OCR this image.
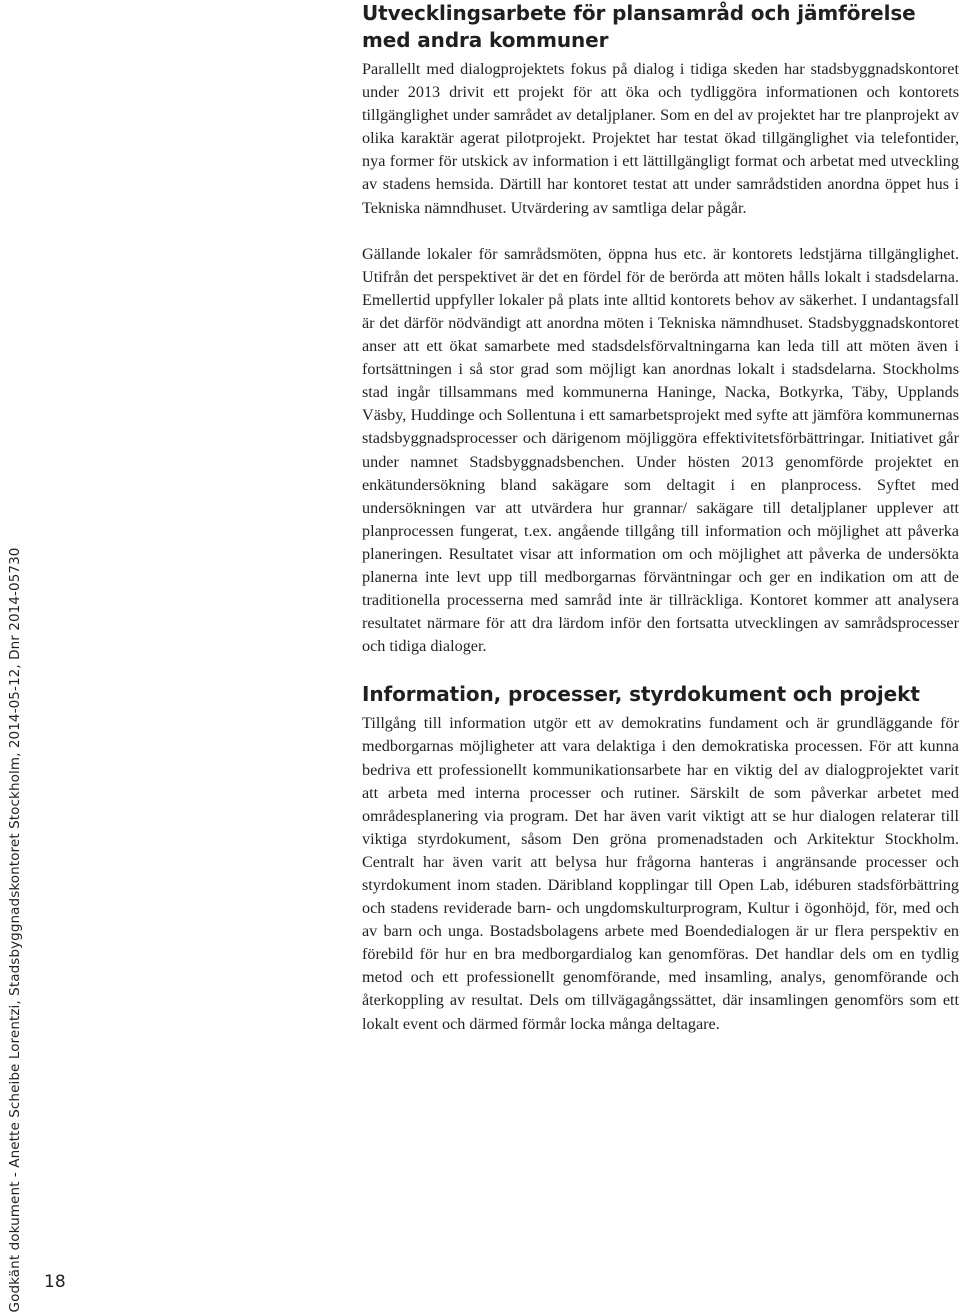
Godkänt dokument - Anette Scheibe Lorentzi, Stadsbyggnadskontoret Stockholm, 2014-05-12, Dnr 2014-05730 18
Utvecklingsarbete för plansamråd och jämförelse med andra kommuner

Parallellt med dialogprojektets fokus på dialog i tidiga skeden har stadsbyggnadskontoret under 2013 drivit ett projekt för att öka och tydliggöra informationen och kontorets tillgänglighet under samrådet av detaljplaner. Som en del av projektet har tre planprojekt av olika karaktär agerat pilotprojekt. Projektet har testat ökad tillgänglighet via telefontider, nya former för utskick av information i ett lättillgängligt format och arbetat med utveckling av stadens hemsida. Därtill har kontoret testat att under samrådstiden anordna öppet hus i Tekniska nämndhuset. Utvärdering av samtliga delar pågår.

Gällande lokaler för samrådsmöten, öppna hus etc. är kontorets ledstjärna tillgänglighet. Utifrån det perspektivet är det en fördel för de berörda att möten hålls lokalt i stadsdelarna. Emellertid uppfyller lokaler på plats inte alltid kontorets behov av säkerhet. I undantagsfall är det därför nödvändigt att anordna möten i Tekniska nämndhuset. Stadsbyggnadskontoret anser att ett ökat samarbete med stadsdelsförvaltningarna kan leda till att möten även i fortsättningen i så stor grad som möjligt kan anordnas lokalt i stadsdelarna. Stockholms stad ingår tillsammans med kommunerna Haninge, Nacka, Botkyrka, Täby, Upplands Väsby, Huddinge och Sollentuna i ett samarbetsprojekt med syfte att jämföra kommunernas stadsbyggnadsprocesser och därigenom möjliggöra effektivitetsförbättringar. Initiativet går under namnet Stadsbyggnadsbenchen. Under hösten 2013 genomförde projektet en enkätundersökning bland sakägare som deltagit i en planprocess. Syftet med undersökningen var att utvärdera hur grannar/ sakägare till detaljplaner upplever att planprocessen fungerat, t.ex. angående tillgång till information och möjlighet att påverka planeringen. Resultatet visar att information om och möjlighet att påverka de undersökta planerna inte levt upp till medborgarnas förväntningar och ger en indikation om att de traditionella processerna med samråd inte är tillräckliga. Kontoret kommer att analysera resultatet närmare för att dra lärdom inför den fortsatta utvecklingen av samrådsprocesser och tidiga dialoger.

Information, processer, styrdokument och projekt

Tillgång till information utgör ett av demokratins fundament och är grundläggande för medborgarnas möjligheter att vara delaktiga i den demokratiska processen. För att kunna bedriva ett professionellt kommunikationsarbete har en viktig del av dialogprojektet varit att arbeta med interna processer och rutiner. Särskilt de som påverkar arbetet med områdesplanering via program. Det har även varit viktigt att se hur dialogen relaterar till viktiga styrdokument, såsom Den gröna promenadstaden och Arkitektur Stockholm. Centralt har även varit att belysa hur frågorna hanteras i angränsande processer och styrdokument inom staden. Däribland kopplingar till Open Lab, idéburen stadsförbättring och stadens reviderade barn- och ungdomskulturprogram, Kultur i ögonhöjd, för, med och av barn och unga. Bostadsbolagens arbete med Boendedialogen är ur flera perspektiv en förebild för hur en bra medborgardialog kan genomföras. Det handlar dels om en tydlig metod och ett professionellt genomförande, med insamling, analys, genomförande och återkoppling av resultat. Dels om tillvägagångssättet, där insamlingen genomförs som ett lokalt event och därmed förmår locka många deltagare.
